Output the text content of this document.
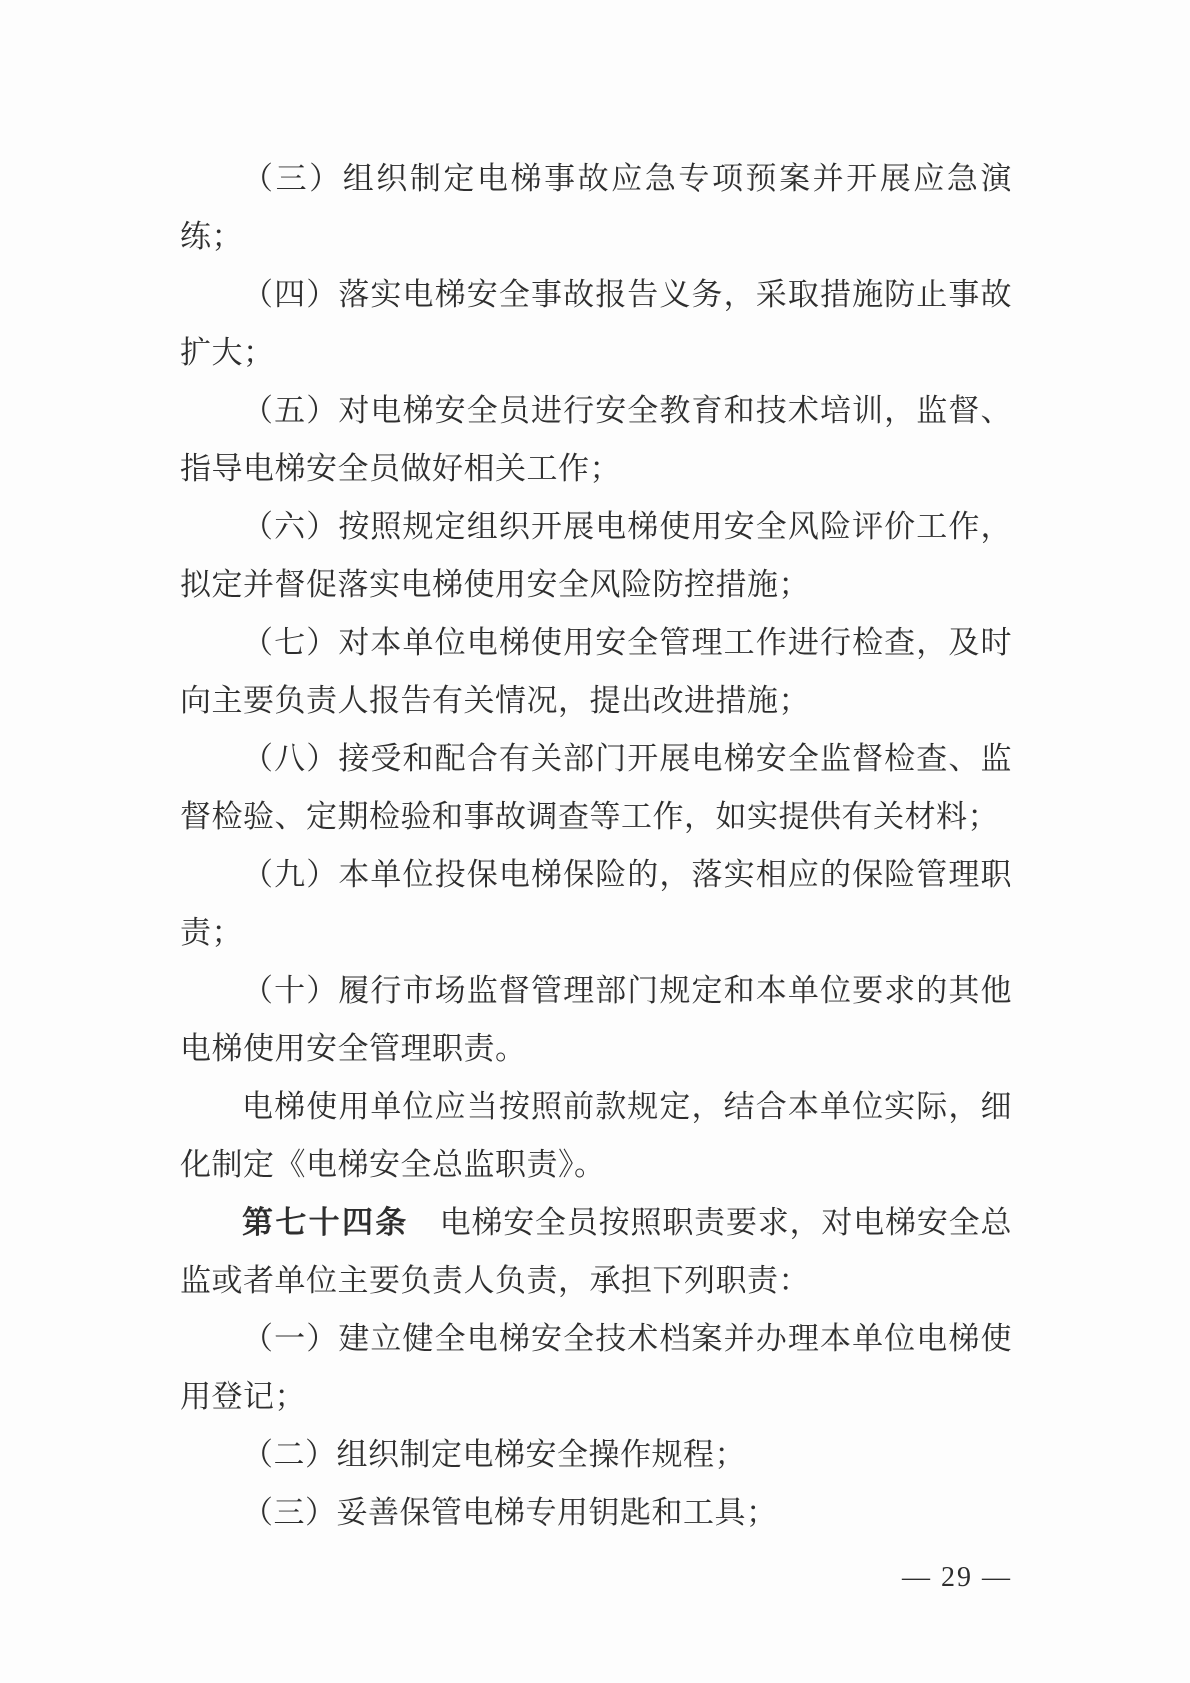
（三）组织制定电梯事故应急专项预案并开展应急演练；

（四）落实电梯安全事故报告义务，采取措施防止事故扩大；

（五）对电梯安全员进行安全教育和技术培训，监督、指导电梯安全员做好相关工作；

（六）按照规定组织开展电梯使用安全风险评价工作，拟定并督促落实电梯使用安全风险防控措施；

（七）对本单位电梯使用安全管理工作进行检查，及时向主要负责人报告有关情况，提出改进措施；

（八）接受和配合有关部门开展电梯安全监督检查、监督检验、定期检验和事故调查等工作，如实提供有关材料；

（九）本单位投保电梯保险的，落实相应的保险管理职责；

（十）履行市场监督管理部门规定和本单位要求的其他电梯使用安全管理职责。

电梯使用单位应当按照前款规定，结合本单位实际，细化制定《电梯安全总监职责》。

第七十四条 电梯安全员按照职责要求，对电梯安全总监或者单位主要负责人负责，承担下列职责：

（一）建立健全电梯安全技术档案并办理本单位电梯使用登记；

（二）组织制定电梯安全操作规程；

（三）妥善保管电梯专用钥匙和工具；

— 29 —
